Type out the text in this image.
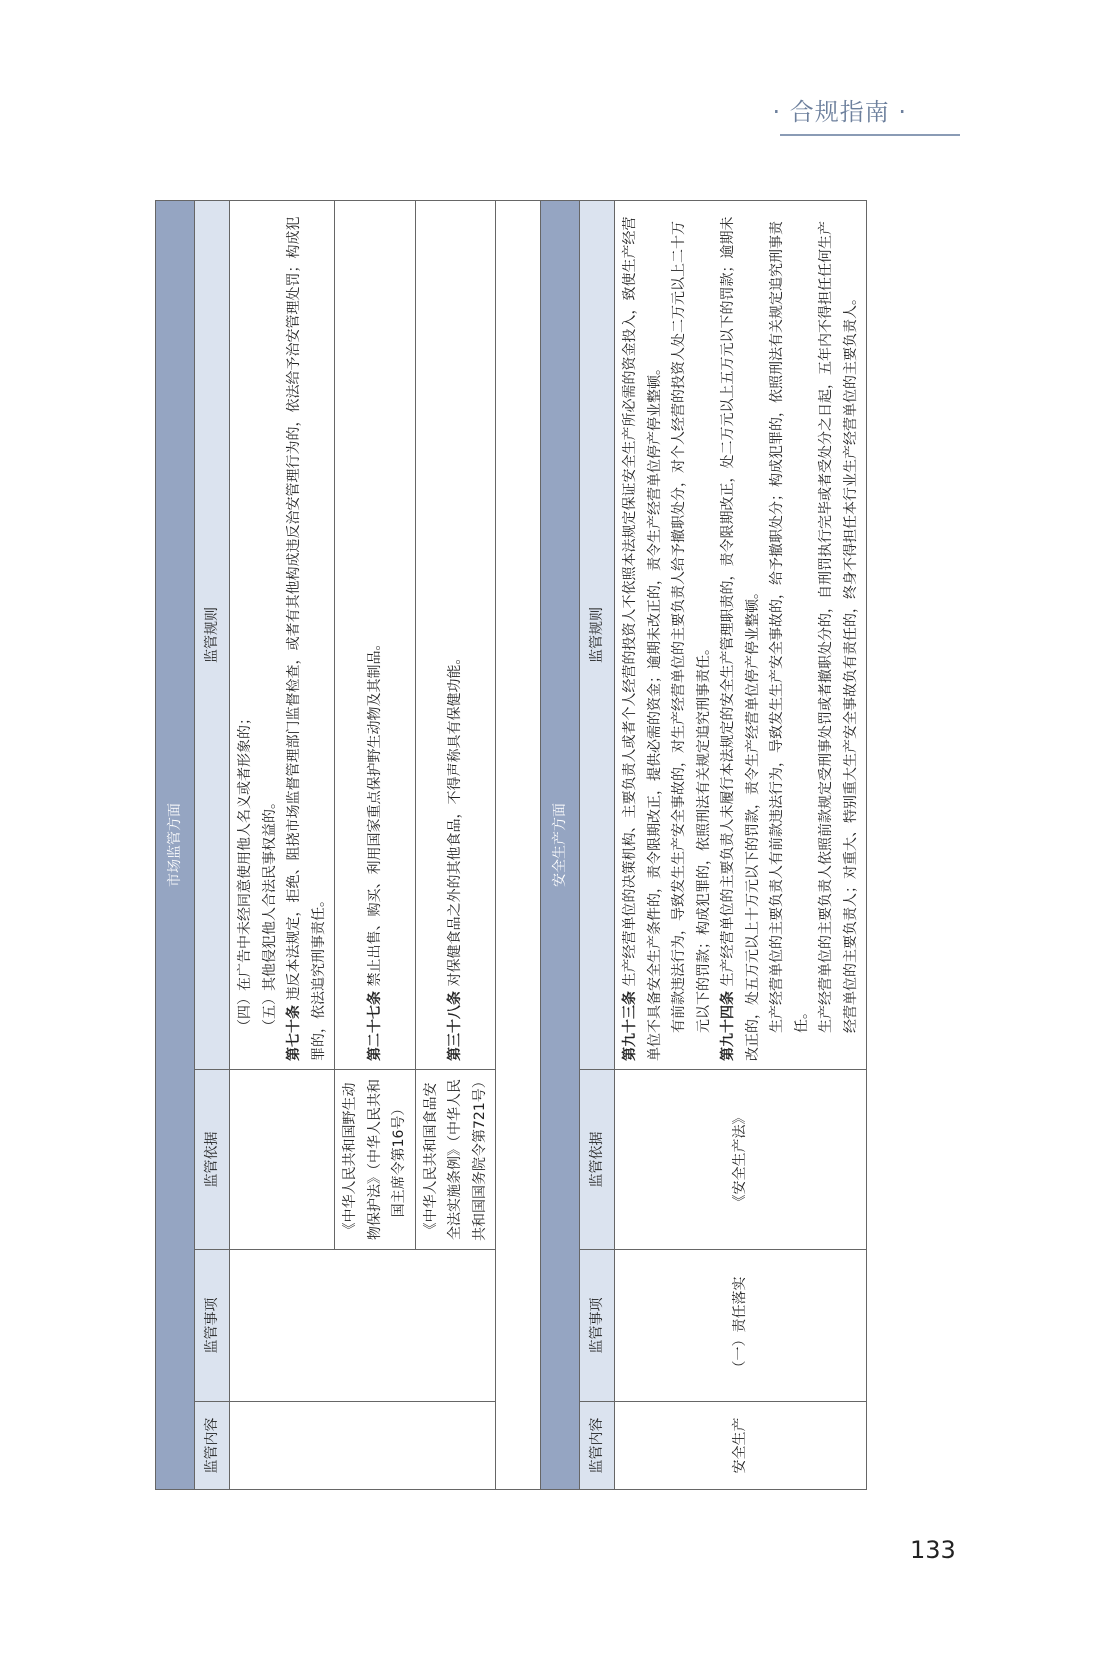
· 合规指南 ·
市场监管方面			
监管内容	监管事项	监管依据	监管规则

			（四）在广告中未经同意使用他人名义或者形象的； （五）其他侵犯他人合法民事权益的。 第七十条 违反本法规定，拒绝、阻挠市场监督管理部门监督检查，或者有其他构成违反治安管理行为的，依法给予治安管理处罚；构成犯罪的，依法追究刑事责任。

		《中华人民共和国野生动物保护法》（中华人民共和国主席令第16号）	第二十七条 禁止出售、购买、利用国家重点保护野生动物及其制品。
		《中华人民共和国食品安全法实施条例》（中华人民共和国国务院令第721号）	第三十八条 对保健食品之外的其他食品，不得声称具有保健功能。

安全生产方面			
监管内容	监管事项	监管依据	监管规则
安全生产	（一）责任落实	《安全生产法》	第九十三条 生产经营单位的决策机构、主要负责人或者个人经营的投资人不依照本法规定保证安全生产所必需的资金投入，致使生产经营单位不具备安全生产条件的，责令限期改正，提供必需的资金；逾期未改正的，责令生产经营单位停产停业整顿。 有前款违法行为，导致发生生产安全事故的，对生产经营单位的主要负责人给予撤职处分，对个人经营的投资人处二万元以上二十万元以下的罚款；构成犯罪的，依照刑法有关规定追究刑事责任。 第九十四条 生产经营单位的主要负责人未履行本法规定的安全生产管理职责的，责令限期改正，处二万元以上五万元以下的罚款；逾期未改正的，处五万元以上十万元以下的罚款，责令生产经营单位停产停业整顿。 生产经营单位的主要负责人有前款违法行为，导致发生生产安全事故的，给予撤职处分；构成犯罪的，依照刑法有关规定追究刑事责任。 生产经营单位的主要负责人依照前款规定受刑事处罚或者撤职处分的，自刑罚执行完毕或者受处分之日起，五年内不得担任任何生产经营单位的主要负责人；对重大、特别重大生产安全事故负有责任的，终身不得担任本行业生产经营单位的主要负责人。
133
